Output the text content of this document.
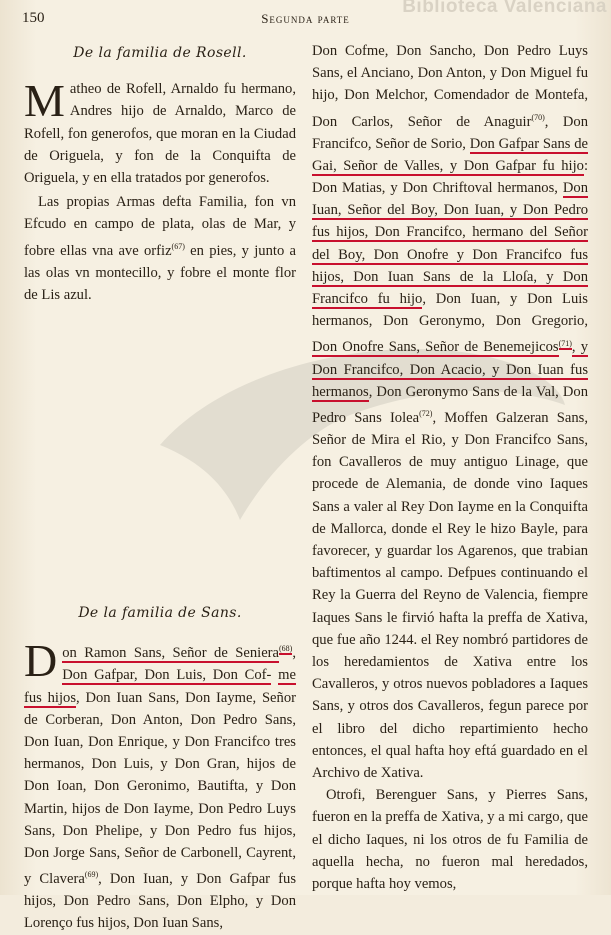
Biblioteca Valenciana
150	Segunda parte
De la familia de Rosell.
Matheo de Rofell, Arnaldo fu hermano, Andres hijo de Arnaldo, Marco de Rofell, fon generofos, que moran en la Ciudad de Origuela, y fon de la Conquifta de Origuela, y en ella tratados por generofos.
Las propias Armas defta Familia, fon vn Efcudo en campo de plata, olas de Mar, y fobre ellas vna ave orfiz$^{(67)}$ en pies, y junto a las olas vn montecillo, y fobre el monte flor de Lis azul.
De la familia de Sans.
Don Ramon Sans, Señor de Seniera$^{(68)}$, Don Gafpar, Don Luis, Don Cof- me fus hijos, Don Iuan Sans, Don Iayme, Señor de Corberan, Don Anton, Don Pedro Sans, Don Iuan, Don Enrique, y Don Francifco tres hermanos, Don Luis, y Don Gran, hijos de Don Ioan, Don Geronimo, Bautifta, y Don Martin, hijos de Don Iayme, Don Pedro Luys Sans, Don Phelipe, y Don Pedro fus hijos, Don Jorge Sans, Señor de Carbonell, Cayrent, y Clavera$^{(69)}$, Don Iuan, y Don Gafpar fus hijos, Don Pedro Sans, Don Elpho, y Don Lorenço fus hijos, Don Iuan Sans,
Don Cofme, Don Sancho, Don Pedro Luys Sans, el Anciano, Don Anton, y Don Miguel fu hijo, Don Melchor, Comendador de Montefa, Don Carlos, Señor de Anaguir$^{(70)}$, Don Francifco, Señor de Sorio, Don Gafpar Sans de Gai, Señor de Valles, y Don Gafpar fu hijo: Don Matias, y Don Chriftoval hermanos, Don Iuan, Señor del Boy, Don Iuan, y Don Pedro fus hijos, Don Francifco, hermano del Señor del Boy, Don Onofre y Don Francifco fus hijos, Don Iuan Sans de la Lloſa, y Don Francifco fu hijo, Don Iuan, y Don Luis hermanos, Don Geronymo, Don Gregorio, Don Onofre Sans, Señor de Benemejicos$^{(71)}$, y Don Francifco, Don Acacio, y Don Iuan fus hermanos, Don Geronymo Sans de la Val, Don Pedro Sans Iolea$^{(72)}$, Moffen Galzeran Sans, Señor de Mira el Rio, y Don Francifco Sans, fon Cavalleros de muy antiguo Linage, que procede de Alemania, de donde vino Iaques Sans a valer al Rey Don Iayme en la Conquifta de Mallorca, donde el Rey le hizo Bayle, para favorecer, y guardar los Agarenos, que trabian baftimentos al campo. Defpues continuando el Rey la Guerra del Reyno de Valencia, fiempre Iaques Sans le firvió hafta la preffa de Xativa, que fue año 1244. el Rey nombró partidores de los heredamientos de Xativa entre los Cavalleros, y otros nuevos pobladores a Iaques Sans, y otros dos Cavalleros, fegun parece por el libro del dicho repartimiento hecho entonces, el qual hafta hoy eftá guardado en el Archivo de Xativa.
Otrofi, Berenguer Sans, y Pierres Sans, fueron en la preffa de Xativa, y a mi cargo, que el dicho Iaques, ni los otros de fu Familia de aquella hecha, no fueron mal heredados, porque hafta hoy vemos,
